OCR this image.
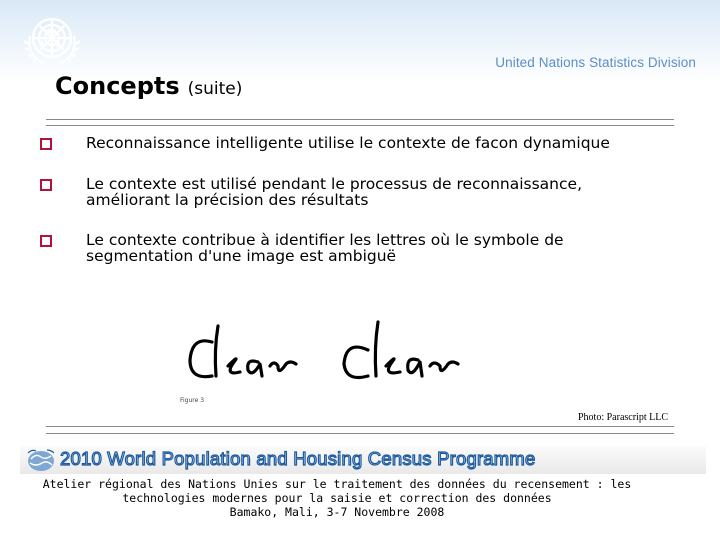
United Nations Statistics Division
Concepts (suite)
Reconnaissance intelligente utilise le contexte de facon dynamique
Le contexte est utilisé pendant le processus de reconnaissance,
améliorant la précision des résultats
Le contexte contribue à identifier les lettres où le symbole de
segmentation d'une image est ambiguë
Figure 3
Photo: Parascript LLC
2010 World Population and Housing Census Programme
Atelier régional des Nations Unies sur le traitement des données du recensement : les
technologies modernes pour la saisie et correction des données
Bamako, Mali, 3-7 Novembre 2008
